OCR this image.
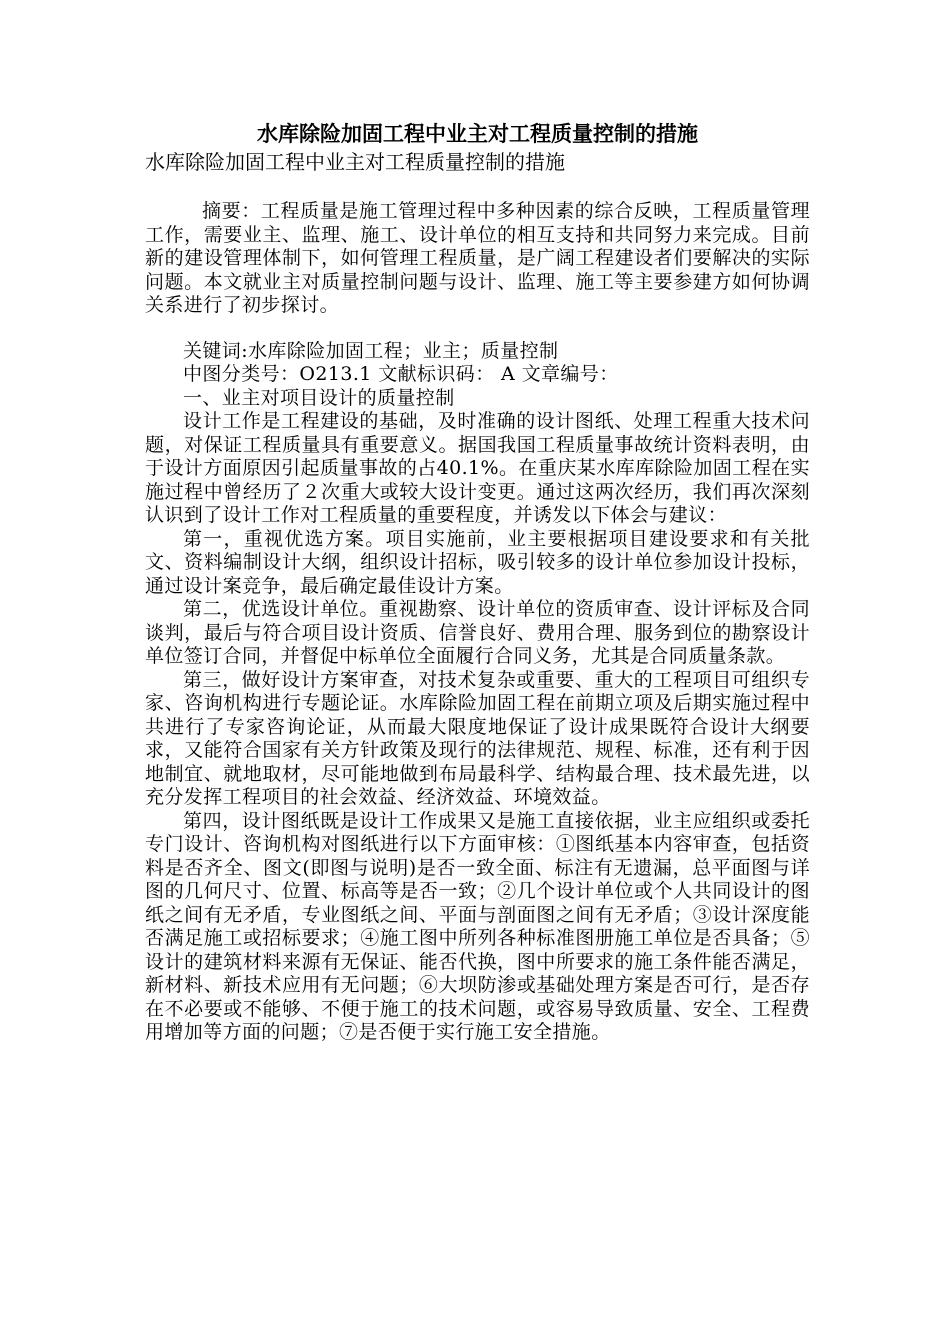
水库除险加固工程中业主对工程质量控制的措施

水库除险加固工程中业主对工程质量控制的措施

摘要：工程质量是施工管理过程中多种因素的综合反映，工程质量管理工作，需要业主、监理、施工、设计单位的相互支持和共同努力来完成。目前新的建设管理体制下，如何管理工程质量，是广阔工程建设者们要解决的实际问题。本文就业主对质量控制问题与设计、监理、施工等主要参建方如何协调关系进行了初步探讨。

关键词:水库除险加固工程；业主；质量控制

中图分类号：O213.1 文献标识码： A 文章编号：

一、业主对项目设计的质量控制

设计工作是工程建设的基础，及时准确的设计图纸、处理工程重大技术问题，对保证工程质量具有重要意义。据国我国工程质量事故统计资料表明，由于设计方面原因引起质量事故的占40.1%。在重庆某水库库除险加固工程在实施过程中曾经历了２次重大或较大设计变更。通过这两次经历，我们再次深刻认识到了设计工作对工程质量的重要程度，并诱发以下体会与建议：

第一，重视优选方案。项目实施前，业主要根据项目建设要求和有关批文、资料编制设计大纲，组织设计招标，吸引较多的设计单位参加设计投标，通过设计案竞争，最后确定最佳设计方案。

第二，优选设计单位。重视勘察、设计单位的资质审查、设计评标及合同谈判，最后与符合项目设计资质、信誉良好、费用合理、服务到位的勘察设计单位签订合同，并督促中标单位全面履行合同义务，尤其是合同质量条款。

第三，做好设计方案审查，对技术复杂或重要、重大的工程项目可组织专家、咨询机构进行专题论证。水库除险加固工程在前期立项及后期实施过程中共进行了专家咨询论证，从而最大限度地保证了设计成果既符合设计大纲要求，又能符合国家有关方针政策及现行的法律规范、规程、标准，还有利于因地制宜、就地取材，尽可能地做到布局最科学、结构最合理、技术最先进，以充分发挥工程项目的社会效益、经济效益、环境效益。

第四，设计图纸既是设计工作成果又是施工直接依据，业主应组织或委托专门设计、咨询机构对图纸进行以下方面审核：①图纸基本内容审查，包括资料是否齐全、图文(即图与说明)是否一致全面、标注有无遗漏，总平面图与详图的几何尺寸、位置、标高等是否一致；②几个设计单位或个人共同设计的图纸之间有无矛盾，专业图纸之间、平面与剖面图之间有无矛盾；③设计深度能否满足施工或招标要求；④施工图中所列各种标准图册施工单位是否具备；⑤设计的建筑材料来源有无保证、能否代换，图中所要求的施工条件能否满足，新材料、新技术应用有无问题；⑥大坝防渗或基础处理方案是否可行，是否存在不必要或不能够、不便于施工的技术问题，或容易导致质量、安全、工程费用增加等方面的问题；⑦是否便于实行施工安全措施。
